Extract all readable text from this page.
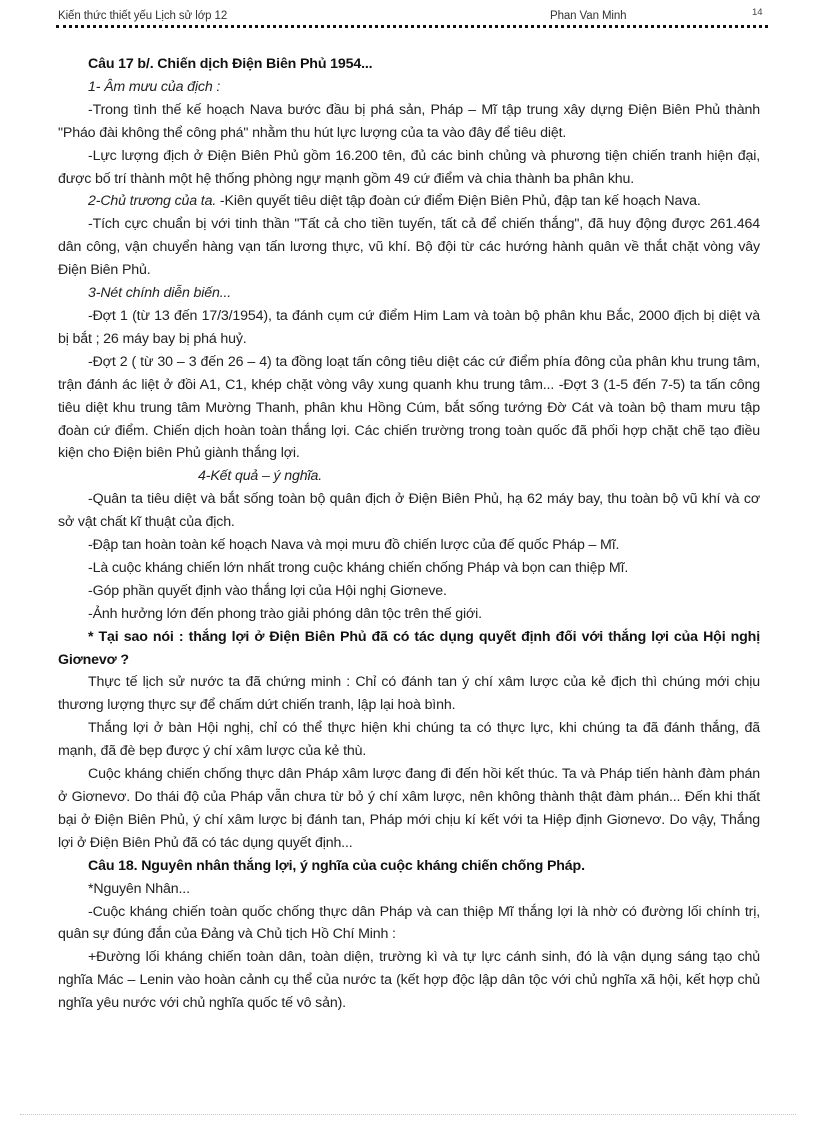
Kiến thức thiết yếu Lịch sử lớp 12	Phan Van Minh	14

Câu 17 b/. Chiến dịch Điện Biên Phủ 1954...

1- Âm mưu của địch :

-Trong tình thế kế hoạch Nava bước đầu bị phá sản, Pháp – Mĩ tập trung xây dựng Điện Biên Phủ thành "Pháo đài không thể công phá" nhằm thu hút lực lượng của ta vào đây để tiêu diệt.

-Lực lượng địch ở Điện Biên Phủ gồm 16.200 tên, đủ các binh chủng và phương tiện chiến tranh hiện đại, được bố trí thành một hệ thống phòng ngự mạnh gồm 49 cứ điểm và chia thành ba phân khu.

2-Chủ trương của ta. -Kiên quyết tiêu diệt tập đoàn cứ điểm Điện Biên Phủ, đập tan kế hoạch Nava.

-Tích cực chuẩn bị với tinh thần "Tất cả cho tiền tuyến, tất cả để chiến thắng", đã huy động được 261.464 dân công, vận chuyển hàng vạn tấn lương thực, vũ khí. Bộ đội từ các hướng hành quân về thắt chặt vòng vây Điện Biên Phủ.

3-Nét chính diễn biến...

-Đợt 1 (từ 13 đến 17/3/1954), ta đánh cụm cứ điểm Him Lam và toàn bộ phân khu Bắc, 2000 địch bị diệt và bị bắt ; 26 máy bay bị phá huỷ.

-Đợt 2 ( từ 30 – 3 đến 26 – 4) ta đồng loạt tấn công tiêu diệt các cứ điểm phía đông của phân khu trung tâm, trận đánh ác liệt ở đồi A1, C1, khép chặt vòng vây xung quanh khu trung tâm... -Đợt 3 (1-5 đến 7-5) ta tấn công tiêu diệt khu trung tâm Mường Thanh, phân khu Hồng Cúm, bắt sống tướng Đờ Cát và toàn bộ tham mưu tập đoàn cứ điểm. Chiến dịch hoàn toàn thắng lợi. Các chiến trường trong toàn quốc đã phối hợp chặt chẽ tạo điều kiện cho Điện biên Phủ giành thắng lợi.

4-Kết quả – ý nghĩa.

-Quân ta tiêu diệt và bắt sống toàn bộ quân địch ở Điện Biên Phủ, hạ 62 máy bay, thu toàn bộ vũ khí và cơ sở vật chất kĩ thuật của địch.

-Đập tan hoàn toàn kế hoạch Nava và mọi mưu đồ chiến lược của đế quốc Pháp – Mĩ.

-Là cuộc kháng chiến lớn nhất trong cuộc kháng chiến chống Pháp và bọn can thiệp Mĩ.

-Góp phần quyết định vào thắng lợi của Hội nghị Giơneve.

-Ảnh hưởng lớn đến phong trào giải phóng dân tộc trên thế giới.

* Tại sao nói : thắng lợi ở Điện Biên Phủ đã có tác dụng quyết định đối với thắng lợi của Hội nghị Giơnevơ ?

Thực tế lịch sử nước ta đã chứng minh : Chỉ có đánh tan ý chí xâm lược của kẻ địch thì chúng mới chịu thương lượng thực sự để chấm dứt chiến tranh, lập lại hoà bình.

Thắng lợi ở bàn Hội nghị, chỉ có thể thực hiện khi chúng ta có thực lực, khi chúng ta đã đánh thắng, đã mạnh, đã đè bẹp được ý chí xâm lược của kẻ thù.

Cuộc kháng chiến chống thực dân Pháp xâm lược đang đi đến hồi kết thúc. Ta và Pháp tiến hành đàm phán ở Giơnevơ. Do thái độ của Pháp vẫn chưa từ bỏ ý chí xâm lược, nên không thành thật đàm phán... Đến khi thất bại ở Điện Biên Phủ, ý chí xâm lược bị đánh tan, Pháp mới chịu kí kết với ta Hiệp định Giơnevơ. Do vậy, Thắng lợi ở Điện Biên Phủ đã có tác dụng quyết định...

Câu 18. Nguyên nhân thắng lợi, ý nghĩa của cuộc kháng chiến chống Pháp.

*Nguyên Nhân...

-Cuộc kháng chiến toàn quốc chống thực dân Pháp và can thiệp Mĩ thắng lợi là nhờ có đường lối chính trị, quân sự đúng đắn của Đảng và Chủ tịch Hồ Chí Minh :

+Đường lối kháng chiến toàn dân, toàn diện, trường kì và tự lực cánh sinh, đó là vận dụng sáng tạo chủ nghĩa Mác – Lenin vào hoàn cảnh cụ thể của nước ta (kết hợp độc lập dân tộc với chủ nghĩa xã hội, kết hợp chủ nghĩa yêu nước với chủ nghĩa quốc tế vô sản).
